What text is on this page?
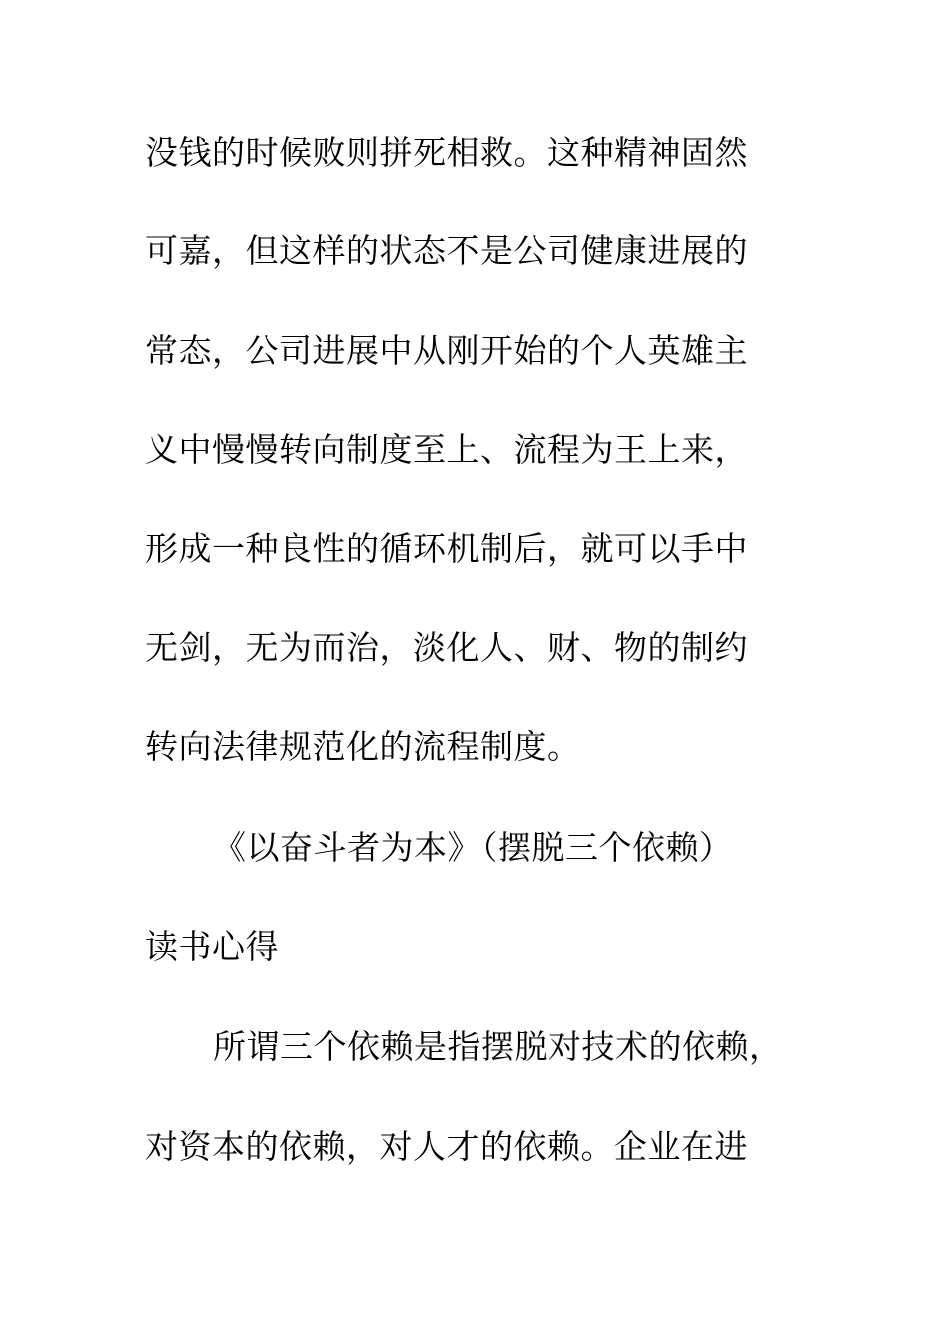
没钱的时候败则拼死相救。这种精神固然
可嘉，但这样的状态不是公司健康进展的
常态，公司进展中从刚开始的个人英雄主
义中慢慢转向制度至上、流程为王上来，
形成一种良性的循环机制后，就可以手中
无剑，无为而治，淡化人、财、物的制约
转向法律规范化的流程制度。
《以奋斗者为本》（摆脱三个依赖）
读书心得
所谓三个依赖是指摆脱对技术的依赖，
对资本的依赖，对人才的依赖。企业在进
